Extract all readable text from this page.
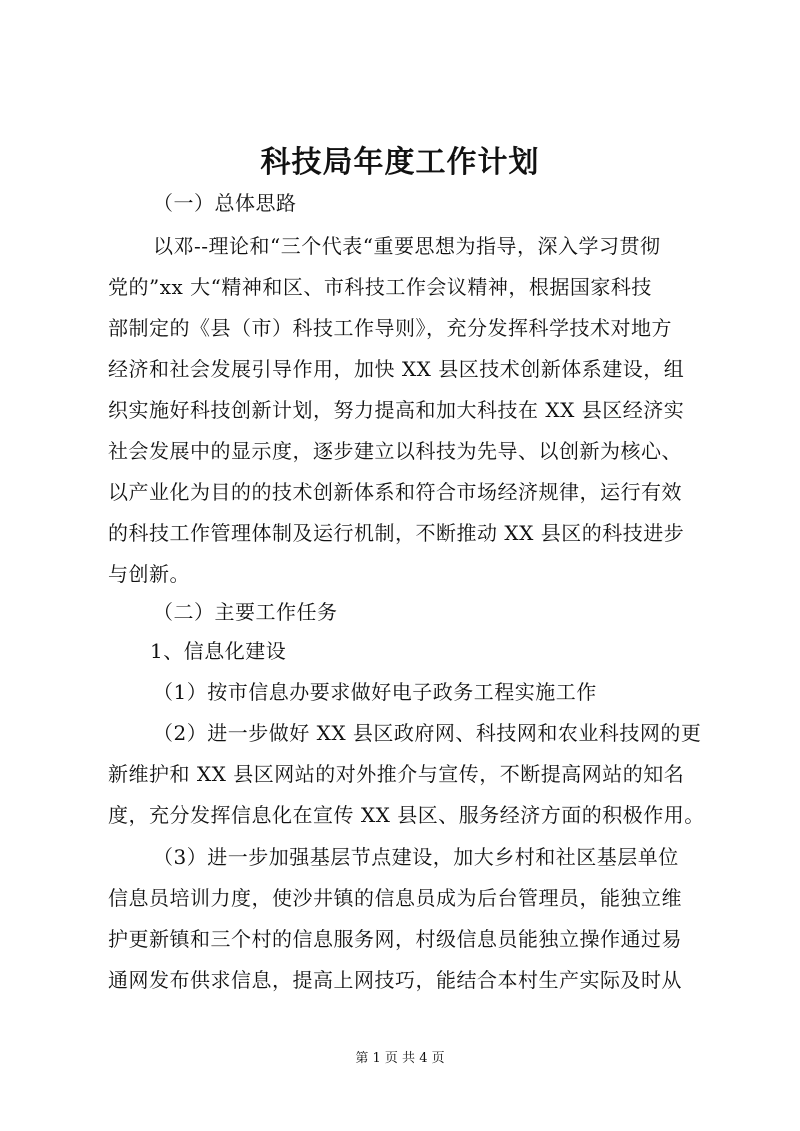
科技局年度工作计划
（一）总体思路
以邓--理论和“三个代表“重要思想为指导，深入学习贯彻
党的”xx 大“精神和区、市科技工作会议精神，根据国家科技
部制定的《县（市）科技工作导则》，充分发挥科学技术对地方
经济和社会发展引导作用，加快 XX 县区技术创新体系建设，组
织实施好科技创新计划，努力提高和加大科技在 XX 县区经济实
社会发展中的显示度，逐步建立以科技为先导、以创新为核心、
以产业化为目的的技术创新体系和符合市场经济规律，运行有效
的科技工作管理体制及运行机制，不断推动 XX 县区的科技进步
与创新。
（二）主要工作任务
1、信息化建设
（1）按市信息办要求做好电子政务工程实施工作
（2）进一步做好 XX 县区政府网、科技网和农业科技网的更
新维护和 XX 县区网站的对外推介与宣传，不断提高网站的知名
度，充分发挥信息化在宣传 XX 县区、服务经济方面的积极作用。
（3）进一步加强基层节点建设，加大乡村和社区基层单位
信息员培训力度，使沙井镇的信息员成为后台管理员，能独立维
护更新镇和三个村的信息服务网，村级信息员能独立操作通过易
通网发布供求信息，提高上网技巧，能结合本村生产实际及时从
第 1 页 共 4 页
